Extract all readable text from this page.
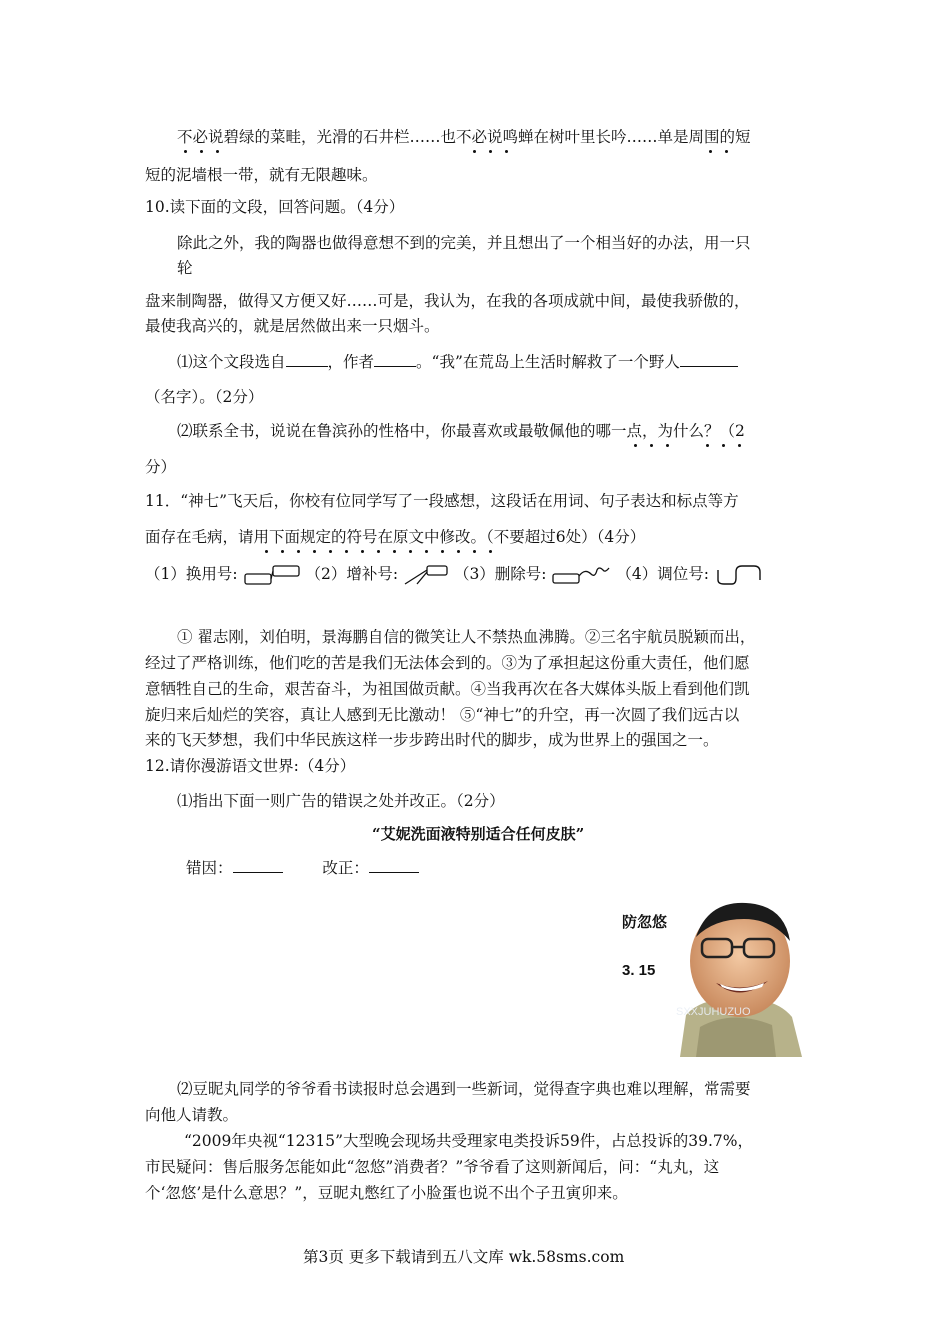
不必说碧绿的菜畦，光滑的石井栏……也不必说鸣蝉在树叶里长吟……单是周围的短
短的泥墙根一带，就有无限趣味。
10.读下面的文段，回答问题。（4分）
除此之外，我的陶器也做得意想不到的完美，并且想出了一个相当好的办法，用一只
轮
盘来制陶器，做得又方便又好……可是，我认为，在我的各项成就中间，最使我骄傲的，
最使我高兴的，就是居然做出来一只烟斗。
⑴这个文段选自	，作者	。“我”在荒岛上生活时解救了一个野人
（名字）。（2分）
⑵联系全书，说说在鲁滨孙的性格中，你最喜欢或最敬佩他的哪一点，为什么？（2
分）
11．“神七”飞天后，你校有位同学写了一段感想，这段话在用词、句子表达和标点等方
面存在毛病，请用下面规定的符号在原文中修改。（不要超过6处）（4分）
（1）换用号:	（2）增补号:	（3）删除号:	（4）调位号:
① 翟志刚，刘伯明，景海鹏自信的微笑让人不禁热血沸腾。②三名宇航员脱颖而出，
经过了严格训练，他们吃的苦是我们无法体会到的。③为了承担起这份重大责任，他们愿
意牺牲自己的生命，艰苦奋斗，为祖国做贡献。④当我再次在各大媒体头版上看到他们凯
旋归来后灿烂的笑容，真让人感到无比激动！ ⑤“神七”的升空，再一次圆了我们远古以
来的飞天梦想，我们中华民族这样一步步跨出时代的脚步，成为世界上的强国之一。
12.请你漫游语文世界:（4分）
⑴指出下面一则广告的错误之处并改正。（2分）
“艾妮洗面液特别适合任何皮肤”
错因：	改正：
防忽悠
3. 15
SXXJUHUZUO
⑵豆昵丸同学的爷爷看书读报时总会遇到一些新词，觉得查字典也难以理解，常需要
向他人请教。
“2009年央视“12315”大型晚会现场共受理家电类投诉59件，占总投诉的39.7%，
市民疑问：售后服务怎能如此“忽悠”消费者？”爷爷看了这则新闻后，问：“丸丸，这
个‘忽悠’是什么意思？”，豆昵丸憋红了小脸蛋也说不出个子丑寅卯来。
第3页 更多下载请到五八文库 wk.58sms.com
